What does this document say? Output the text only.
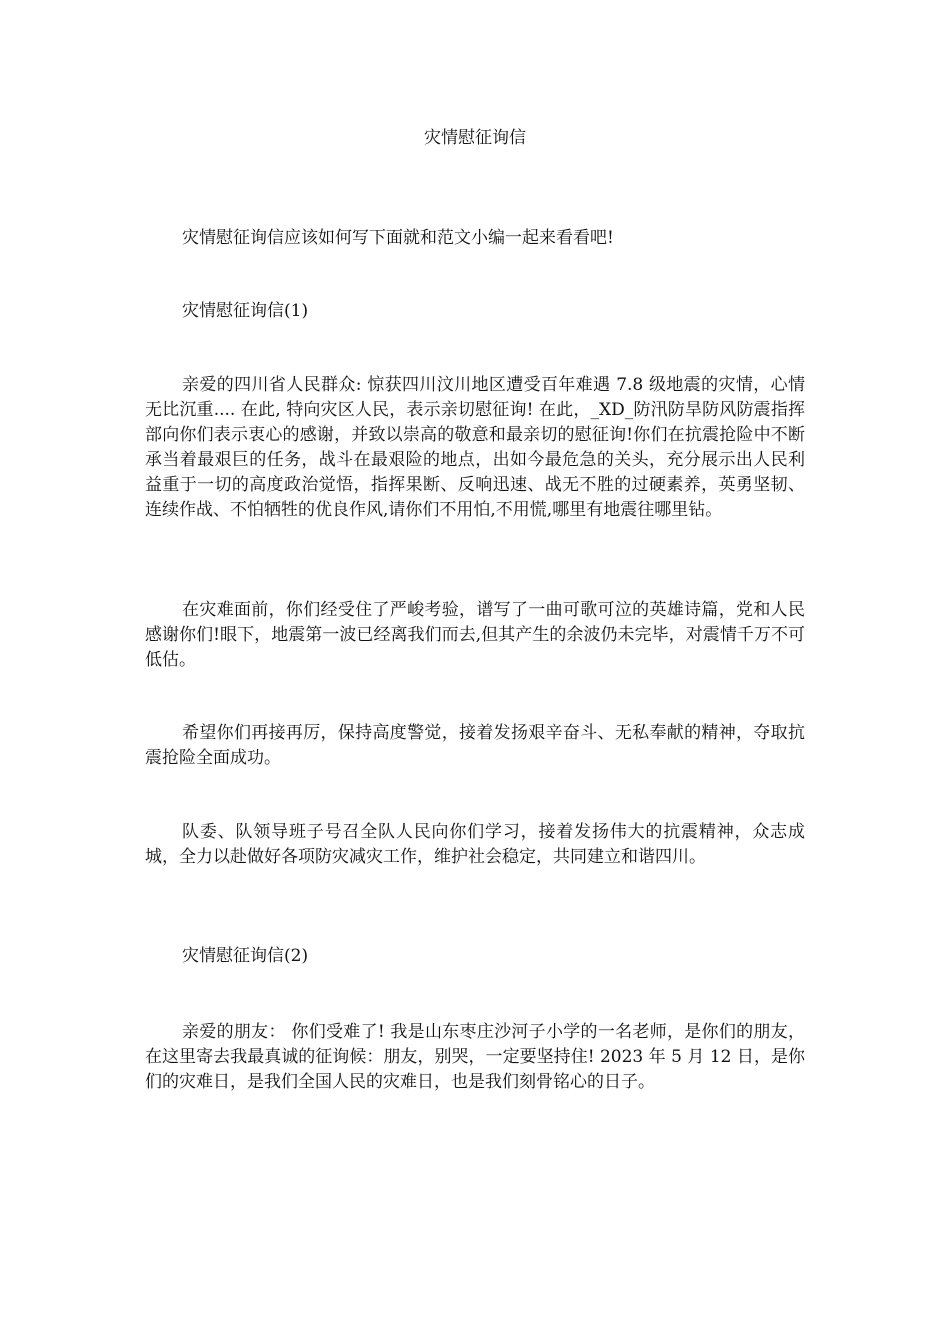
灾情慰征询信

灾情慰征询信应该如何写下面就和范文小编一起来看看吧!

灾情慰征询信(1)

亲爱的四川省人民群众: 惊获四川汶川地区遭受百年难遇 7.8 级地震的灾情，心情无比沉重.... 在此, 特向灾区人民，表示亲切慰征询! 在此，_XD_防汛防旱防风防震指挥部向你们表示衷心的感谢，并致以崇高的敬意和最亲切的慰征询!你们在抗震抢险中不断承当着最艰巨的任务，战斗在最艰险的地点，出如今最危急的关头，充分展示出人民利益重于一切的高度政治觉悟，指挥果断、反响迅速、战无不胜的过硬素养，英勇坚韧、连续作战、不怕牺牲的优良作风,请你们不用怕,不用慌,哪里有地震往哪里钻。

在灾难面前，你们经受住了严峻考验，谱写了一曲可歌可泣的英雄诗篇，党和人民感谢你们!眼下，地震第一波已经离我们而去,但其产生的余波仍未完毕，对震情千万不可低估。

希望你们再接再厉，保持高度警觉，接着发扬艰辛奋斗、无私奉献的精神，夺取抗震抢险全面成功。

队委、队领导班子号召全队人民向你们学习，接着发扬伟大的抗震精神，众志成城，全力以赴做好各项防灾减灾工作，维护社会稳定，共同建立和谐四川。

灾情慰征询信(2)

亲爱的朋友： 你们受难了! 我是山东枣庄沙河子小学的一名老师，是你们的朋友，在这里寄去我最真诚的征询候：朋友，别哭，一定要坚持住! 2023 年 5 月 12 日，是你们的灾难日，是我们全国人民的灾难日，也是我们刻骨铭心的日子。
